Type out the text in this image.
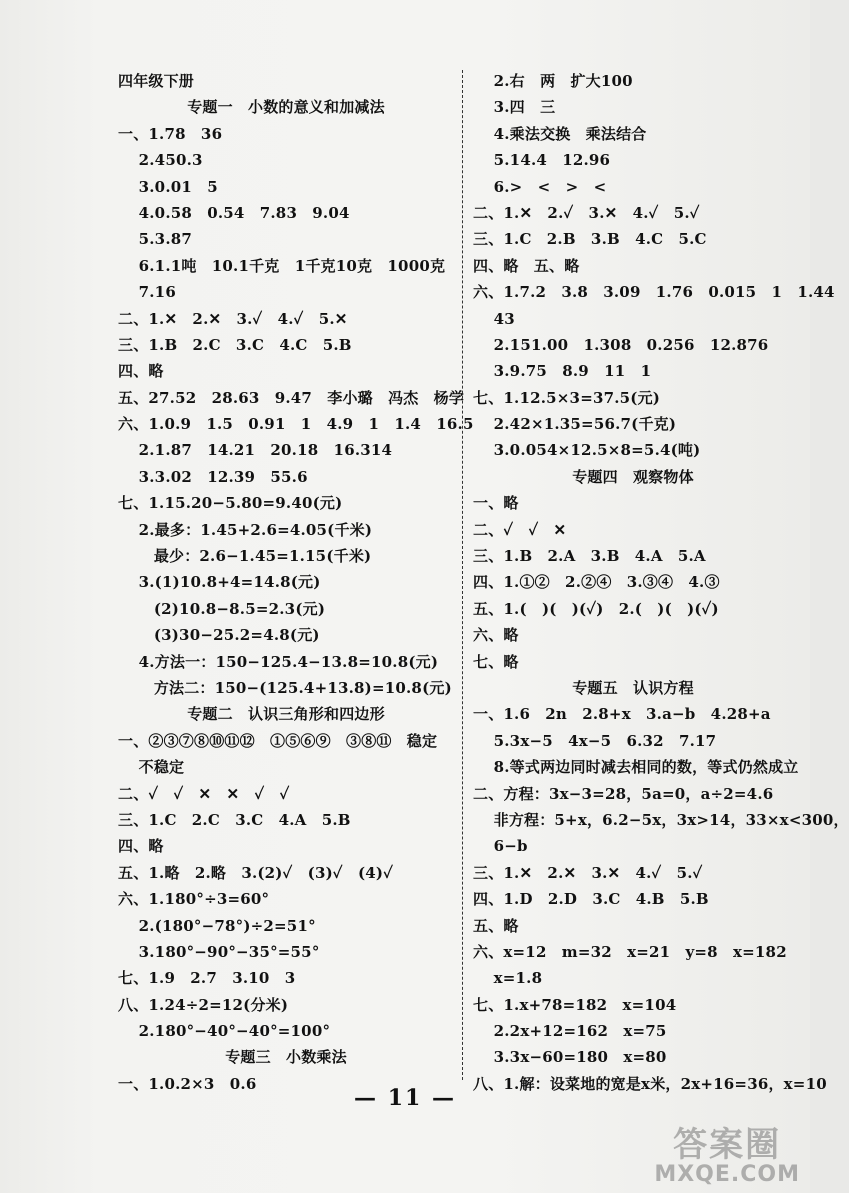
四年级下册
专题一　小数的意义和加减法
一、1.78　36
　 2.450.3
　 3.0.01　5
　 4.0.58　0.54　7.83　9.04
　 5.3.87
　 6.1.1吨　10.1千克　1千克10克　1000克
　 7.16
二、1.✕　2.✕　3.✓　4.✓　5.✕
三、1.B　2.C　3.C　4.C　5.B
四、略
五、27.52　28.63　9.47　李小璐　冯杰　杨学
六、1.0.9　1.5　0.91　1　4.9　1　1.4　16.5
　 2.1.87　14.21　20.18　16.314
　 3.3.02　12.39　55.6
七、1.15.20−5.80=9.40(元)
　 2.最多：1.45+2.6=4.05(千米)
　 　最少：2.6−1.45=1.15(千米)
　 3.(1)10.8+4=14.8(元)
　 　(2)10.8−8.5=2.3(元)
　 　(3)30−25.2=4.8(元)
　 4.方法一：150−125.4−13.8=10.8(元)
　 　方法二：150−(125.4+13.8)=10.8(元)
专题二　认识三角形和四边形
一、②③⑦⑧⑩⑪⑫　①⑤⑥⑨　③⑧⑪　稳定
　 不稳定
二、✓　✓　✕　✕　✓　✓
三、1.C　2.C　3.C　4.A　5.B
四、略
五、1.略　2.略　3.(2)✓　(3)✓　(4)✓
六、1.180°÷3=60°
　 2.(180°−78°)÷2=51°
　 3.180°−90°−35°=55°
七、1.9　2.7　3.10　3
八、1.24÷2=12(分米)
　 2.180°−40°−40°=100°
专题三　小数乘法
一、1.0.2×3　0.6
　 2.右　两　扩大100
　 3.四　三
　 4.乘法交换　乘法结合
　 5.14.4　12.96
　 6.>　<　>　<
二、1.✕　2.✓　3.✕　4.✓　5.✓
三、1.C　2.B　3.B　4.C　5.C
四、略　五、略
六、1.7.2　3.8　3.09　1.76　0.015　1　1.44
　 43
　 2.151.00　1.308　0.256　12.876
　 3.9.75　8.9　11　1
七、1.12.5×3=37.5(元)
　 2.42×1.35=56.7(千克)
　 3.0.054×12.5×8=5.4(吨)
专题四　观察物体
一、略
二、✓　✓　✕
三、1.B　2.A　3.B　4.A　5.A
四、1.①②　2.②④　3.③④　4.③
五、1.(　)(　)(✓)　2.(　)(　)(✓)
六、略
七、略
专题五　认识方程
一、1.6　2n　2.8+x　3.a−b　4.28+a
　 5.3x−5　4x−5　6.32　7.17
　 8.等式两边同时减去相同的数，等式仍然成立
二、方程：3x−3=28，5a=0，a÷2=4.6
　 非方程：5+x，6.2−5x，3x>14，33×x<300，
　 6−b
三、1.✕　2.✕　3.✕　4.✓　5.✓
四、1.D　2.D　3.C　4.B　5.B
五、略
六、x=12　m=32　x=21　y=8　x=182
　 x=1.8
七、1.x+78=182　x=104
　 2.2x+12=162　x=75
　 3.3x−60=180　x=80
八、1.解：设菜地的宽是x米，2x+16=36，x=10
— 11 —
答案圈
MXQE.COM
